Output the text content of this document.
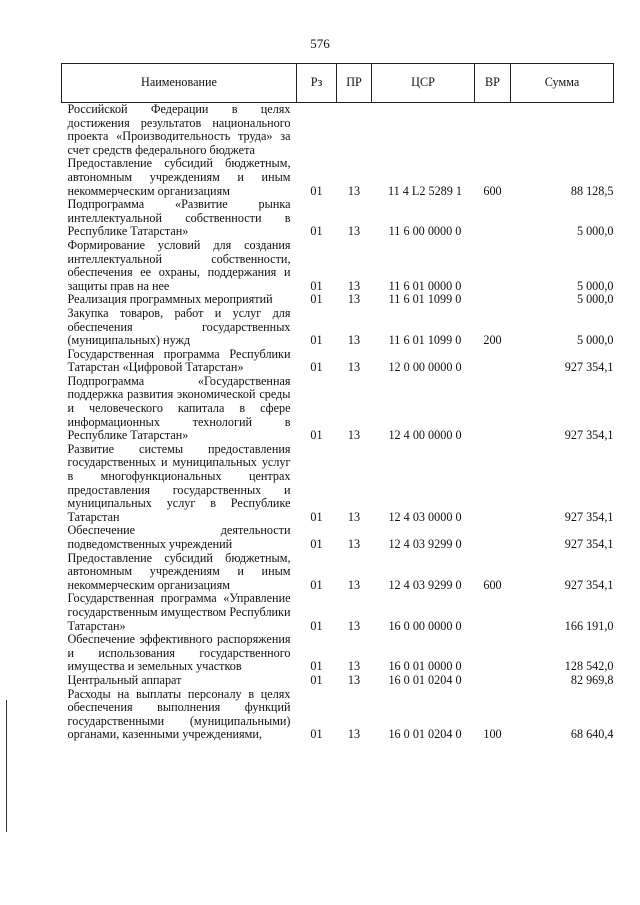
576
Наименование	Рз	ПР	ЦСР	ВР	Сумма
Российской Федерации в целях достижения результатов национального проекта «Производительность труда» за счет средств федерального бюджета					
Предоставление субсидий бюджетным, автономным учреждениям и иным некоммерческим организациям	01	13	11 4 L2 5289 1	600	88 128,5
Подпрограмма «Развитие рынка интеллектуальной собственности в Республике Татарстан»	01	13	11 6 00 0000 0		5 000,0
Формирование условий для создания интеллектуальной собственности, обеспечения ее охраны, поддержания и защиты прав на нее	01	13	11 6 01 0000 0		5 000,0
Реализация программных мероприятий	01	13	11 6 01 1099 0		5 000,0
Закупка товаров, работ и услуг для обеспечения государственных (муниципальных) нужд	01	13	11 6 01 1099 0	200	5 000,0
Государственная программа Республики Татарстан «Цифровой Татарстан»	01	13	12 0 00 0000 0		927 354,1
Подпрограмма «Государственная поддержка развития экономической среды и человеческого капитала в сфере информационных технологий в Республике Татарстан»	01	13	12 4 00 0000 0		927 354,1
Развитие системы предоставления государственных и муниципальных услуг в многофункциональных центрах предоставления государственных и муниципальных услуг в Республике Татарстан	01	13	12 4 03 0000 0		927 354,1
Обеспечение деятельности подведомственных учреждений	01	13	12 4 03 9299 0		927 354,1
Предоставление субсидий бюджетным, автономным учреждениям и иным некоммерческим организациям	01	13	12 4 03 9299 0	600	927 354,1
Государственная программа «Управление государственным имуществом Республики Татарстан»	01	13	16 0 00 0000 0		166 191,0
Обеспечение эффективного распоряжения и использования государственного имущества и земельных участков	01	13	16 0 01 0000 0		128 542,0
Центральный аппарат	01	13	16 0 01 0204 0		82 969,8
Расходы на выплаты персоналу в целях обеспечения выполнения функций государственными (муниципальными) органами, казенными учреждениями,	01	13	16 0 01 0204 0	100	68 640,4
